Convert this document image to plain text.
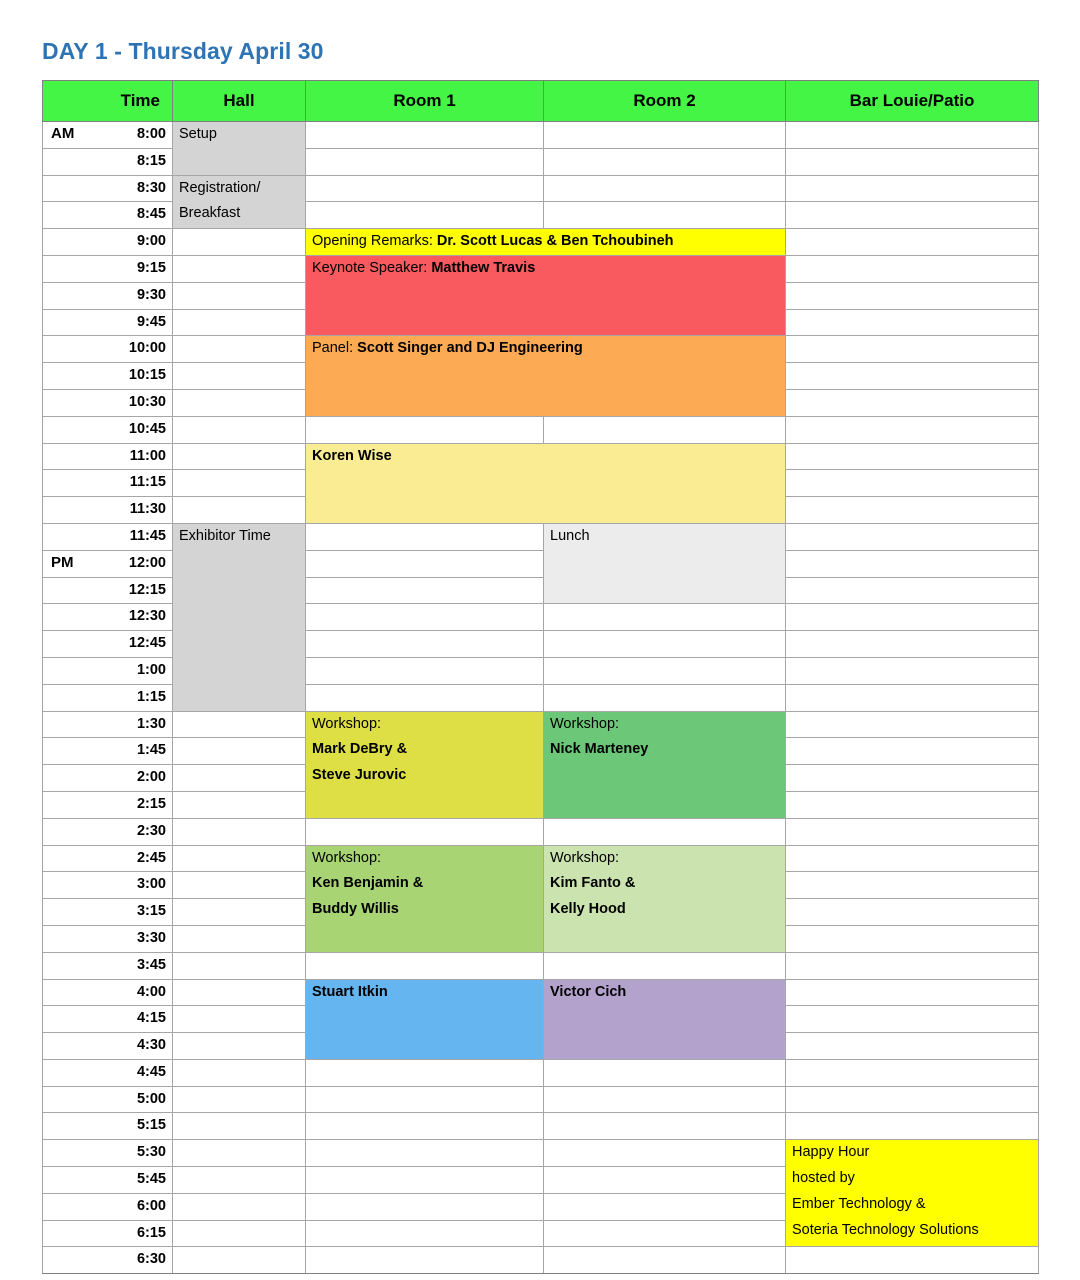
DAY 1 - Thursday April 30
Time	Hall	Room 1	Room 2	Bar Louie/Patio

AM 8:00	Setup			

8:15				
8:30	Registration/
Breakfast			

8:45				
9:00		Opening Remarks: Dr. Scott Lucas & Ben Tchoubineh		

9:15		Keynote Speaker: Matthew Travis		

9:30				
9:45				
10:00		Panel: Scott Singer and DJ Engineering		

10:15				
10:30				
10:45				
11:00		Koren Wise		

11:15				
11:30				
11:45	Exhibitor Time		Lunch	

PM 12:00				
12:15				
12:30				
12:45				
1:00				
1:15				
1:30		Workshop:
Mark DeBry &
Steve Jurovic	Workshop:
Nick Marteney	

1:45				
2:00				
2:15				
2:30				
2:45		Workshop:
Ken Benjamin &
Buddy Willis	Workshop:
Kim Fanto &
Kelly Hood	

3:00				
3:15				
3:30				
3:45				
4:00		Stuart Itkin	Victor Cich	

4:15				
4:30				
4:45				
5:00				
5:15				
5:30				Happy Hour
hosted by
Ember Technology &
Soteria Technology Solutions

5:45				
6:00				
6:15				
6:30				
